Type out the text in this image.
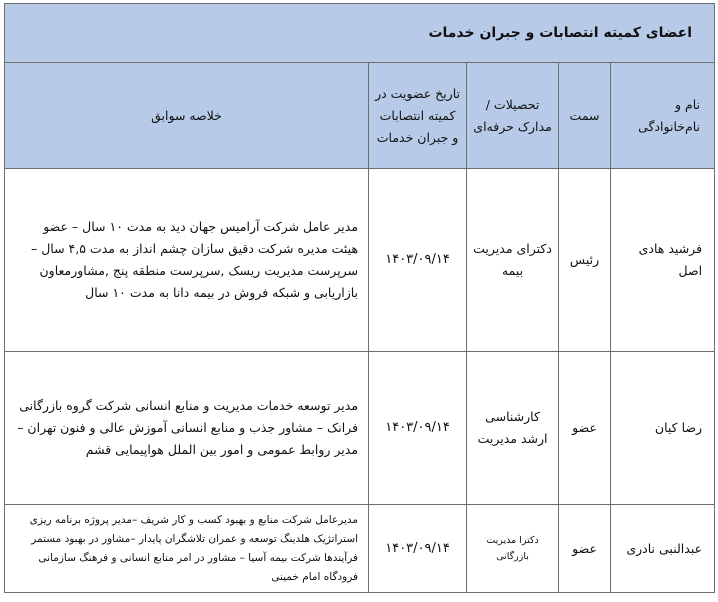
اعضای کمیته انتصابات و جبران خدمات				
نام و نام‌خانوادگی	سمت	تحصیلات / مدارک حرفه‌ای	تاریخ عضویت در کمیته انتصابات و جبران خدمات	خلاصه سوابق
فرشید هادی اصل	رئیس	دکترای مدیریت بیمه	۱۴۰۳/۰۹/۱۴	مدیر عامل شرکت آرامیس جهان دید به مدت ۱۰ سال – عضو هیئت مدیره شرکت دقیق سازان چشم انداز به مدت ۴,۵ سال – سرپرست مدیریت ریسک ,سرپرست منطقه پنج ,مشاورمعاون بازاریابی و شبکه فروش در بیمه دانا به مدت ۱۰ سال
رضا کیان	عضو	کارشناسی ارشد مدیریت	۱۴۰۳/۰۹/۱۴	مدیر توسعه خدمات مدیریت و منابع انسانی شرکت گروه بازرگانی فرانک – مشاور جذب و منابع انسانی آموزش عالی و فنون تهران – مدیر روابط عمومی و امور بین الملل هواپیمایی قشم
عبدالنبی نادری	عضو	دکترا مدیریت بازرگانی	۱۴۰۳/۰۹/۱۴	مدیرعامل شرکت منابع و بهبود کسب و کار شریف –مدیر پروژه برنامه ریزی استراتژیک هلدینگ توسعه و عمران تلاشگران پایدار –مشاور در بهبود مستمر فرآیندها شرکت بیمه آسیا – مشاور در امر منابع انسانی و فرهنگ سازمانی فرودگاه امام خمینی
